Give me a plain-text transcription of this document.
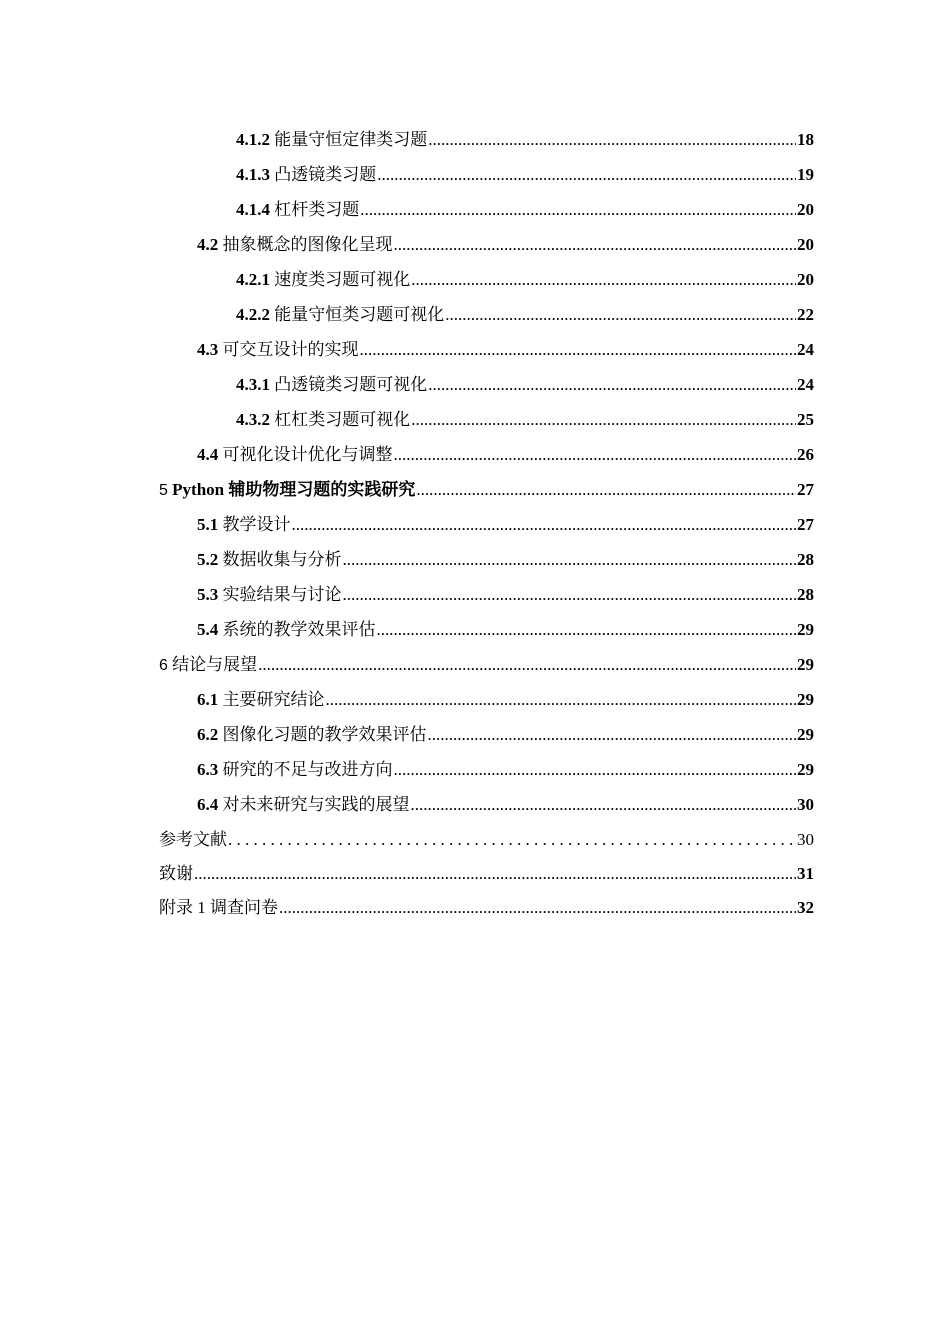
4.1.2 能量守恒定律类习题 .....	18
4.1.3 凸透镜类习题 .....	19
4.1.4 杠杆类习题 .....	20
4.2 抽象概念的图像化呈现 .....	20
4.2.1 速度类习题可视化 .....	20
4.2.2 能量守恒类习题可视化 .....	22
4.3 可交互设计的实现 .....	24
4.3.1 凸透镜类习题可视化 .....	24
4.3.2 杠杠类习题可视化 .....	25
4.4 可视化设计优化与调整 .....	26
5 Python 辅助物理习题的实践研究 .....	27
5.1 教学设计 .....	27
5.2 数据收集与分析 .....	28
5.3 实验结果与讨论 .....	28
5.4 系统的教学效果评估 .....	29
6 结论与展望 .....	29
6.1 主要研究结论 .....	29
6.2 图像化习题的教学效果评估 .....	29
6.3 研究的不足与改进方向 .....	29
6.4 对未来研究与实践的展望 .....	30
参考文献 . . .	30
致谢 .....	31
附录 1 调查问卷 .....	32
